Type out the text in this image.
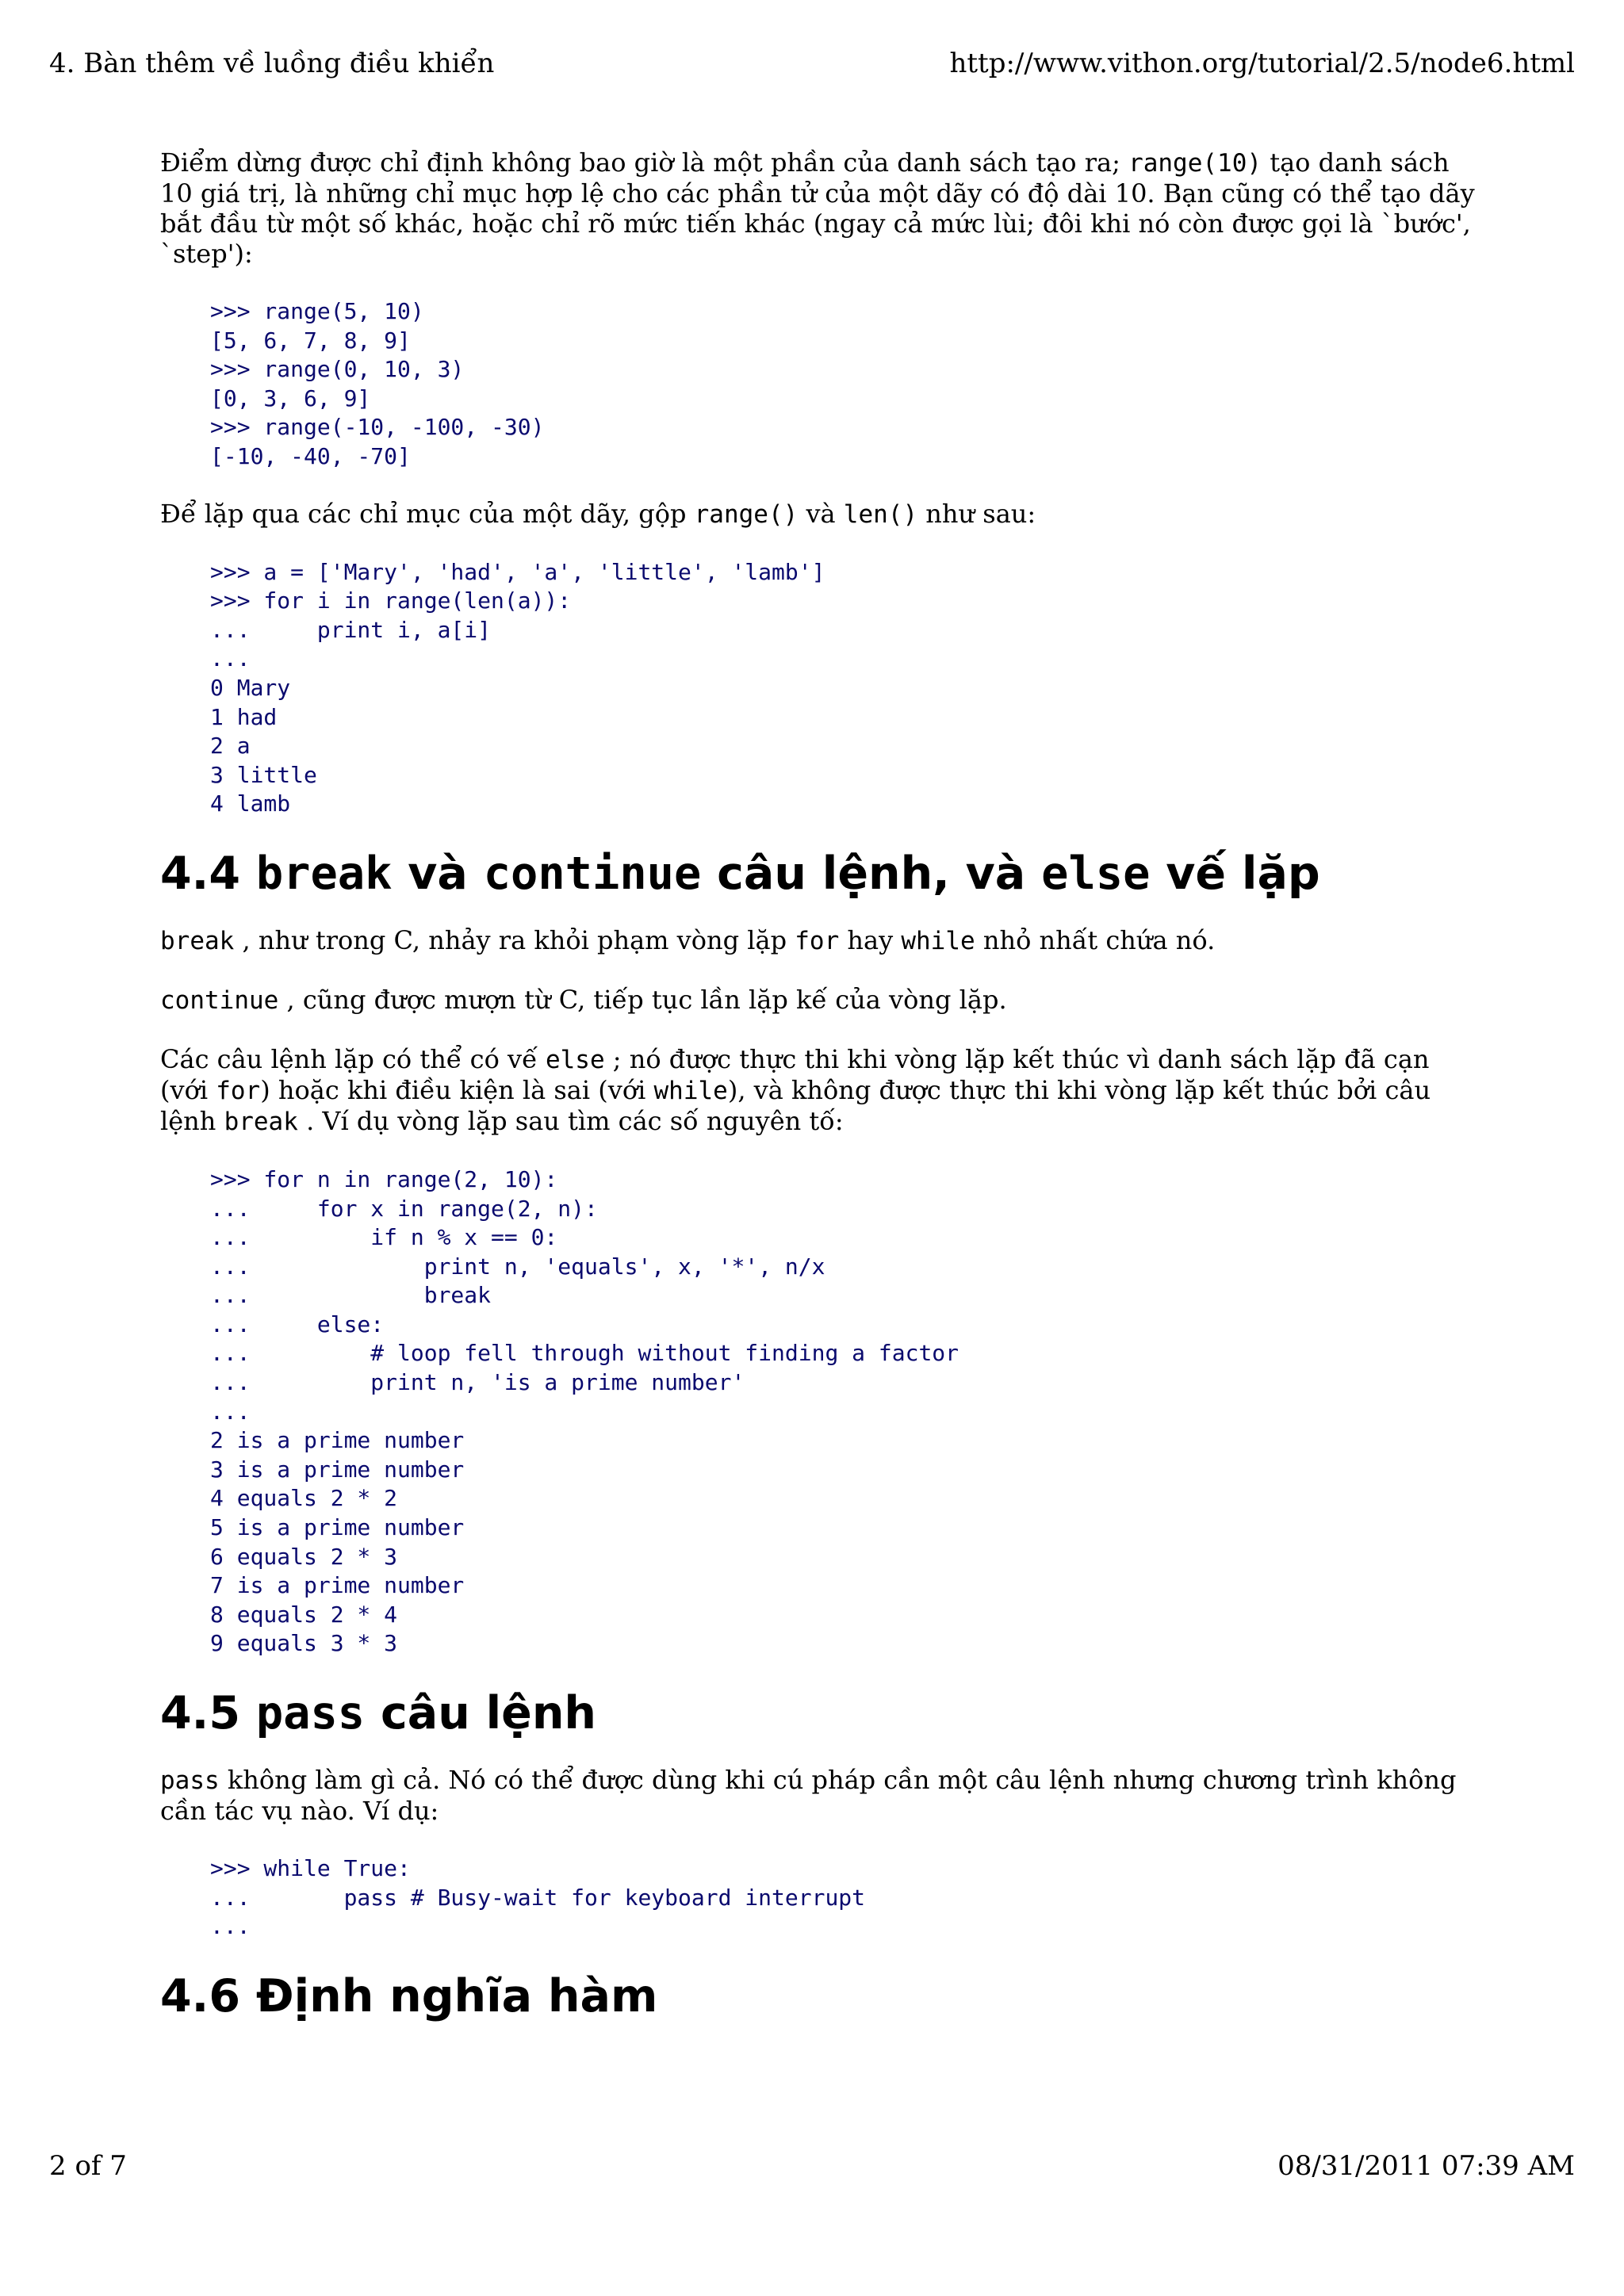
4. Bàn thêm về luồng điều khiển	http://www.vithon.org/tutorial/2.5/node6.html

Điểm dừng được chỉ định không bao giờ là một phần của danh sách tạo ra; range(10) tạo danh sách 10 giá trị, là những chỉ mục hợp lệ cho các phần tử của một dãy có độ dài 10. Bạn cũng có thể tạo dãy bắt đầu từ một số khác, hoặc chỉ rõ mức tiến khác (ngay cả mức lùi; đôi khi nó còn được gọi là `bước', `step'):

>>> range(5, 10)
[5, 6, 7, 8, 9]
>>> range(0, 10, 3)
[0, 3, 6, 9]
>>> range(-10, -100, -30)
[-10, -40, -70]

Để lặp qua các chỉ mục của một dãy, gộp range() và len() như sau:

>>> a = ['Mary', 'had', 'a', 'little', 'lamb']
>>> for i in range(len(a)):
...     print i, a[i]
...
0 Mary
1 had
2 a
3 little
4 lamb
4.4 break và continue câu lệnh, và else vế lặp

break , như trong C, nhảy ra khỏi phạm vòng lặp for hay while nhỏ nhất chứa nó.

continue , cũng được mượn từ C, tiếp tục lần lặp kế của vòng lặp.

Các câu lệnh lặp có thể có vế else ; nó được thực thi khi vòng lặp kết thúc vì danh sách lặp đã cạn (với for) hoặc khi điều kiện là sai (với while), và không được thực thi khi vòng lặp kết thúc bởi câu lệnh break . Ví dụ vòng lặp sau tìm các số nguyên tố:

>>> for n in range(2, 10):
...     for x in range(2, n):
...         if n % x == 0:
...             print n, 'equals', x, '*', n/x
...             break
...     else:
...         # loop fell through without finding a factor
...         print n, 'is a prime number'
...
2 is a prime number
3 is a prime number
4 equals 2 * 2
5 is a prime number
6 equals 2 * 3
7 is a prime number
8 equals 2 * 4
9 equals 3 * 3
4.5 pass câu lệnh

pass không làm gì cả. Nó có thể được dùng khi cú pháp cần một câu lệnh nhưng chương trình không cần tác vụ nào. Ví dụ:

>>> while True:
...       pass # Busy-wait for keyboard interrupt
...
4.6 Định nghĩa hàm
2 of 7	08/31/2011 07:39 AM
